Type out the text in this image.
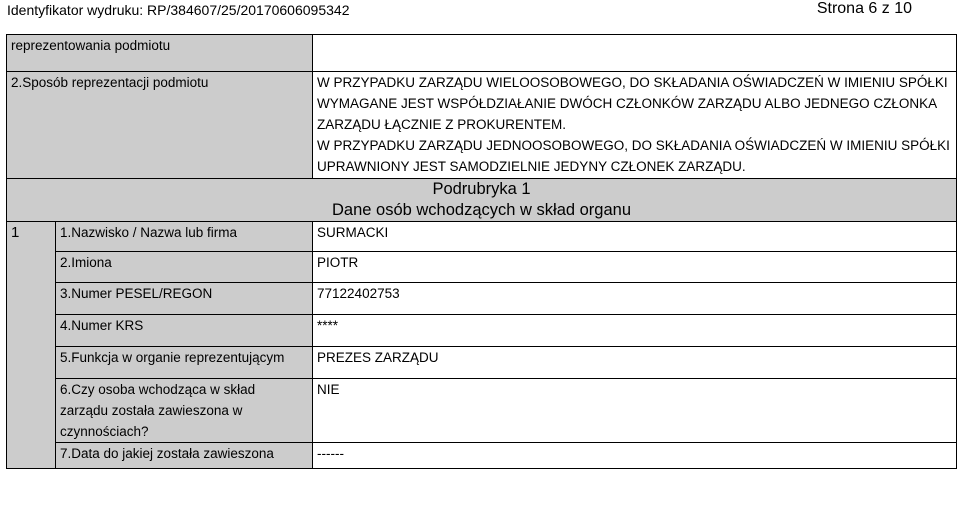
Identyfikator wydruku: RP/384607/25/20170606095342	Strona 6 z 10
reprezentowania podmiotu		
2.Sposób reprezentacji podmiotu		W PRZYPADKU ZARZĄDU WIELOOSOBOWEGO, DO SKŁADANIA OŚWIADCZEŃ W IMIENIU SPÓŁKI
WYMAGANE JEST WSPÓŁDZIAŁANIE DWÓCH CZŁONKÓW ZARZĄDU ALBO JEDNEGO CZŁONKA
ZARZĄDU ŁĄCZNIE Z PROKURENTEM.
W PRZYPADKU ZARZĄDU JEDNOOSOBOWEGO, DO SKŁADANIA OŚWIADCZEŃ W IMIENIU SPÓŁKI
UPRAWNIONY JEST SAMODZIELNIE JEDYNY CZŁONEK ZARZĄDU.

Podrubryka 1
Dane osób wchodzących w skład organu		

1	1.Nazwisko / Nazwa lub firma	SURMACKI
	2.Imiona	PIOTR
	3.Numer PESEL/REGON	77122402753
	4.Numer KRS	****
	5.Funkcja w organie reprezentującym	PREZES ZARZĄDU
	6.Czy osoba wchodząca w skład
zarządu została zawieszona w
czynnościach?	NIE
	7.Data do jakiej została zawieszona	------
